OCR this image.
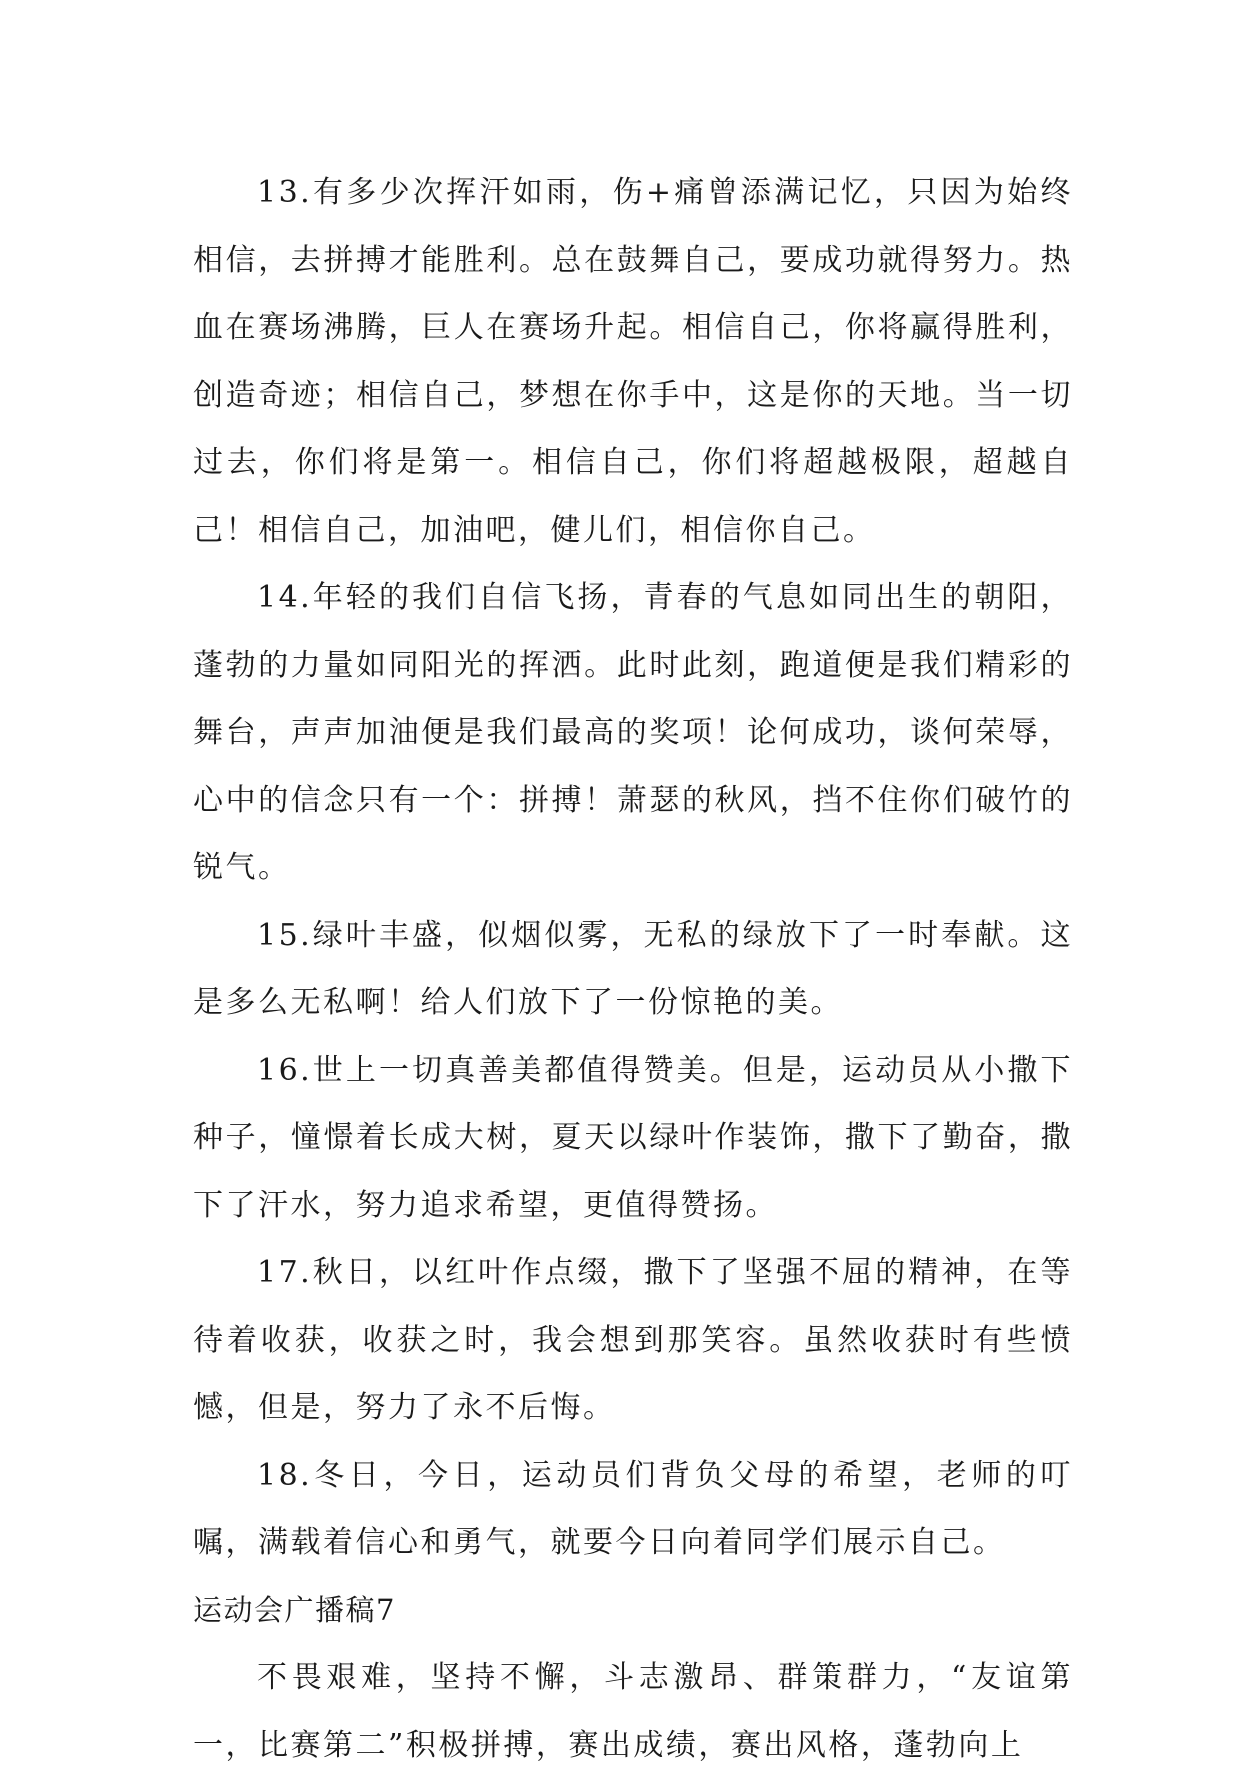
13.有多少次挥汗如雨，伤+痛曾添满记忆，只因为始终相信，去拼搏才能胜利。总在鼓舞自己，要成功就得努力。热血在赛场沸腾，巨人在赛场升起。相信自己，你将赢得胜利，创造奇迹；相信自己，梦想在你手中，这是你的天地。当一切过去，你们将是第一。相信自己，你们将超越极限，超越自己！相信自己，加油吧，健儿们，相信你自己。

14.年轻的我们自信飞扬，青春的气息如同出生的朝阳，蓬勃的力量如同阳光的挥洒。此时此刻，跑道便是我们精彩的舞台，声声加油便是我们最高的奖项！论何成功，谈何荣辱，心中的信念只有一个：拼搏！萧瑟的秋风，挡不住你们破竹的锐气。

15.绿叶丰盛，似烟似雾，无私的绿放下了一时奉献。这是多么无私啊！给人们放下了一份惊艳的美。

16.世上一切真善美都值得赞美。但是，运动员从小撒下种子，憧憬着长成大树，夏天以绿叶作装饰，撒下了勤奋，撒下了汗水，努力追求希望，更值得赞扬。

17.秋日，以红叶作点缀，撒下了坚强不屈的精神，在等待着收获，收获之时，我会想到那笑容。虽然收获时有些愤憾，但是，努力了永不后悔。

18.冬日，今日，运动员们背负父母的希望，老师的叮嘱，满载着信心和勇气，就要今日向着同学们展示自己。

运动会广播稿7

不畏艰难，坚持不懈，斗志激昂、群策群力，“友谊第一，比赛第二”积极拼搏，赛出成绩，赛出风格，蓬勃向上
